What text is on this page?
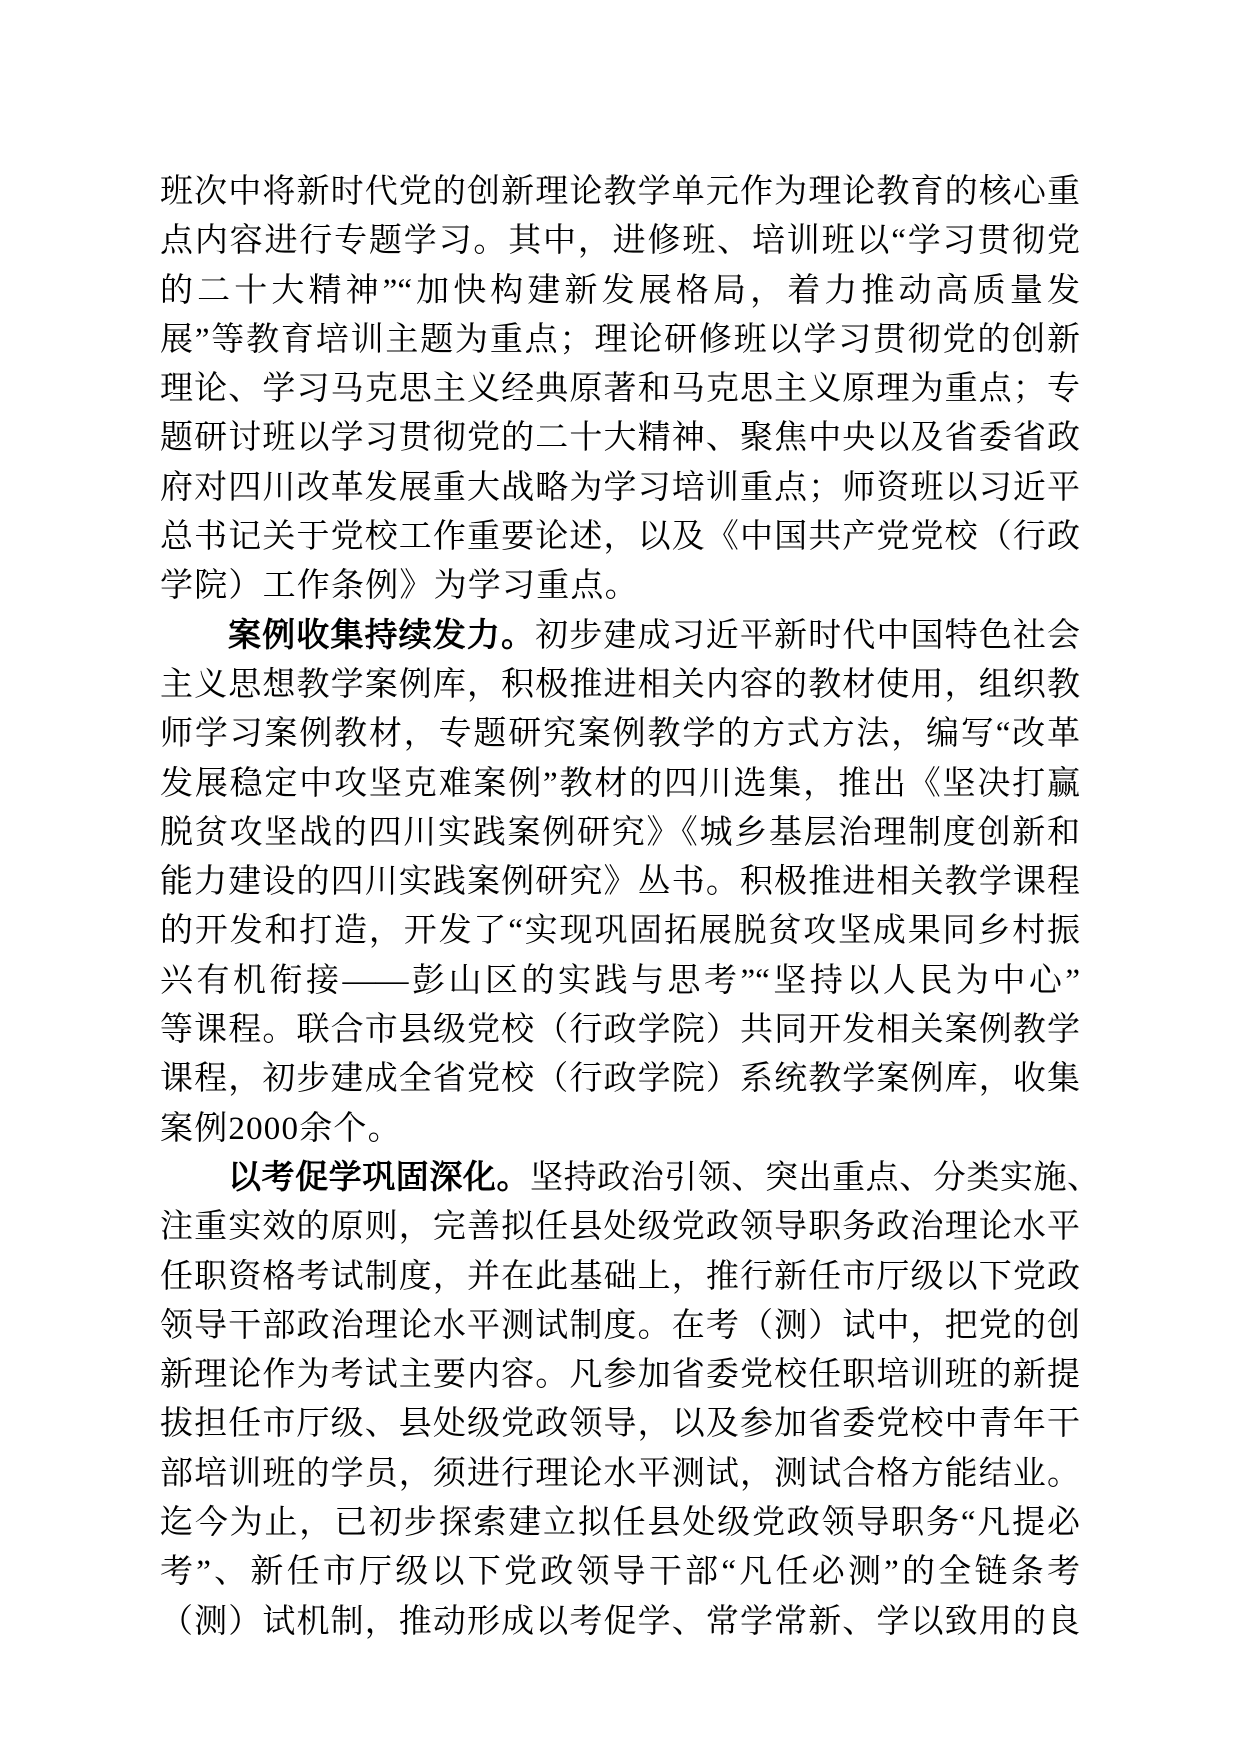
班次中将新时代党的创新理论教学单元作为理论教育的核心重
点内容进行专题学习。其中，进修班、培训班以“学习贯彻党
的二十大精神”“加快构建新发展格局，着力推动高质量发
展”等教育培训主题为重点；理论研修班以学习贯彻党的创新
理论、学习马克思主义经典原著和马克思主义原理为重点；专
题研讨班以学习贯彻党的二十大精神、聚焦中央以及省委省政
府对四川改革发展重大战略为学习培训重点；师资班以习近平
总书记关于党校工作重要论述，以及《中国共产党党校（行政
学院）工作条例》为学习重点。
案例收集持续发力。初步建成习近平新时代中国特色社会
主义思想教学案例库，积极推进相关内容的教材使用，组织教
师学习案例教材，专题研究案例教学的方式方法，编写“改革
发展稳定中攻坚克难案例”教材的四川选集，推出《坚决打赢
脱贫攻坚战的四川实践案例研究》《城乡基层治理制度创新和
能力建设的四川实践案例研究》丛书。积极推进相关教学课程
的开发和打造，开发了“实现巩固拓展脱贫攻坚成果同乡村振
兴有机衔接——彭山区的实践与思考”“坚持以人民为中心”
等课程。联合市县级党校（行政学院）共同开发相关案例教学
课程，初步建成全省党校（行政学院）系统教学案例库，收集
案例2000余个。
以考促学巩固深化。坚持政治引领、突出重点、分类实施、
注重实效的原则，完善拟任县处级党政领导职务政治理论水平
任职资格考试制度，并在此基础上，推行新任市厅级以下党政
领导干部政治理论水平测试制度。在考（测）试中，把党的创
新理论作为考试主要内容。凡参加省委党校任职培训班的新提
拔担任市厅级、县处级党政领导，以及参加省委党校中青年干
部培训班的学员，须进行理论水平测试，测试合格方能结业。
迄今为止，已初步探索建立拟任县处级党政领导职务“凡提必
考”、新任市厅级以下党政领导干部“凡任必测”的全链条考
（测）试机制，推动形成以考促学、常学常新、学以致用的良
